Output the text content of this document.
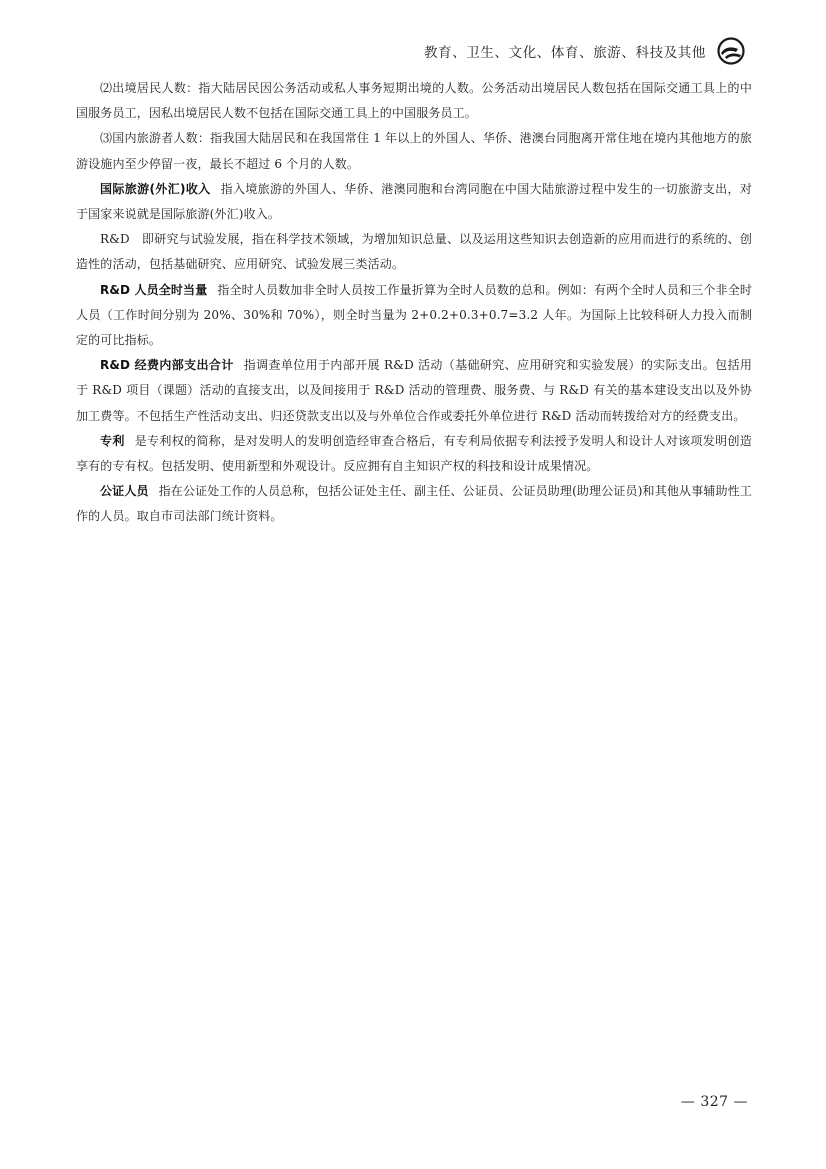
教育、卫生、文化、体育、旅游、科技及其他

⑵出境居民人数：指大陆居民因公务活动或私人事务短期出境的人数。公务活动出境居民人数包括在国际交通工具上的中国服务员工，因私出境居民人数不包括在国际交通工具上的中国服务员工。

⑶国内旅游者人数：指我国大陆居民和在我国常住 1 年以上的外国人、华侨、港澳台同胞离开常住地在境内其他地方的旅游设施内至少停留一夜，最长不超过 6 个月的人数。

国际旅游(外汇)收入 指入境旅游的外国人、华侨、港澳同胞和台湾同胞在中国大陆旅游过程中发生的一切旅游支出，对于国家来说就是国际旅游(外汇)收入。

R&D　即研究与试验发展，指在科学技术领域，为增加知识总量、以及运用这些知识去创造新的应用而进行的系统的、创造性的活动，包括基础研究、应用研究、试验发展三类活动。

R&D 人员全时当量 指全时人员数加非全时人员按工作量折算为全时人员数的总和。例如：有两个全时人员和三个非全时人员（工作时间分别为 20%、30%和 70%），则全时当量为 2+0.2+0.3+0.7=3.2 人年。为国际上比较科研人力投入而制定的可比指标。

R&D 经费内部支出合计 指调查单位用于内部开展 R&D 活动（基础研究、应用研究和实验发展）的实际支出。包括用于 R&D 项目（课题）活动的直接支出，以及间接用于 R&D 活动的管理费、服务费、与 R&D 有关的基本建设支出以及外协加工费等。不包括生产性活动支出、归还贷款支出以及与外单位合作或委托外单位进行 R&D 活动而转拨给对方的经费支出。

专利 是专利权的简称，是对发明人的发明创造经审查合格后，有专利局依据专利法授予发明人和设计人对该项发明创造享有的专有权。包括发明、使用新型和外观设计。反应拥有自主知识产权的科技和设计成果情况。

公证人员 指在公证处工作的人员总称，包括公证处主任、副主任、公证员、公证员助理(助理公证员)和其他从事辅助性工作的人员。取自市司法部门统计资料。

— 327 —
